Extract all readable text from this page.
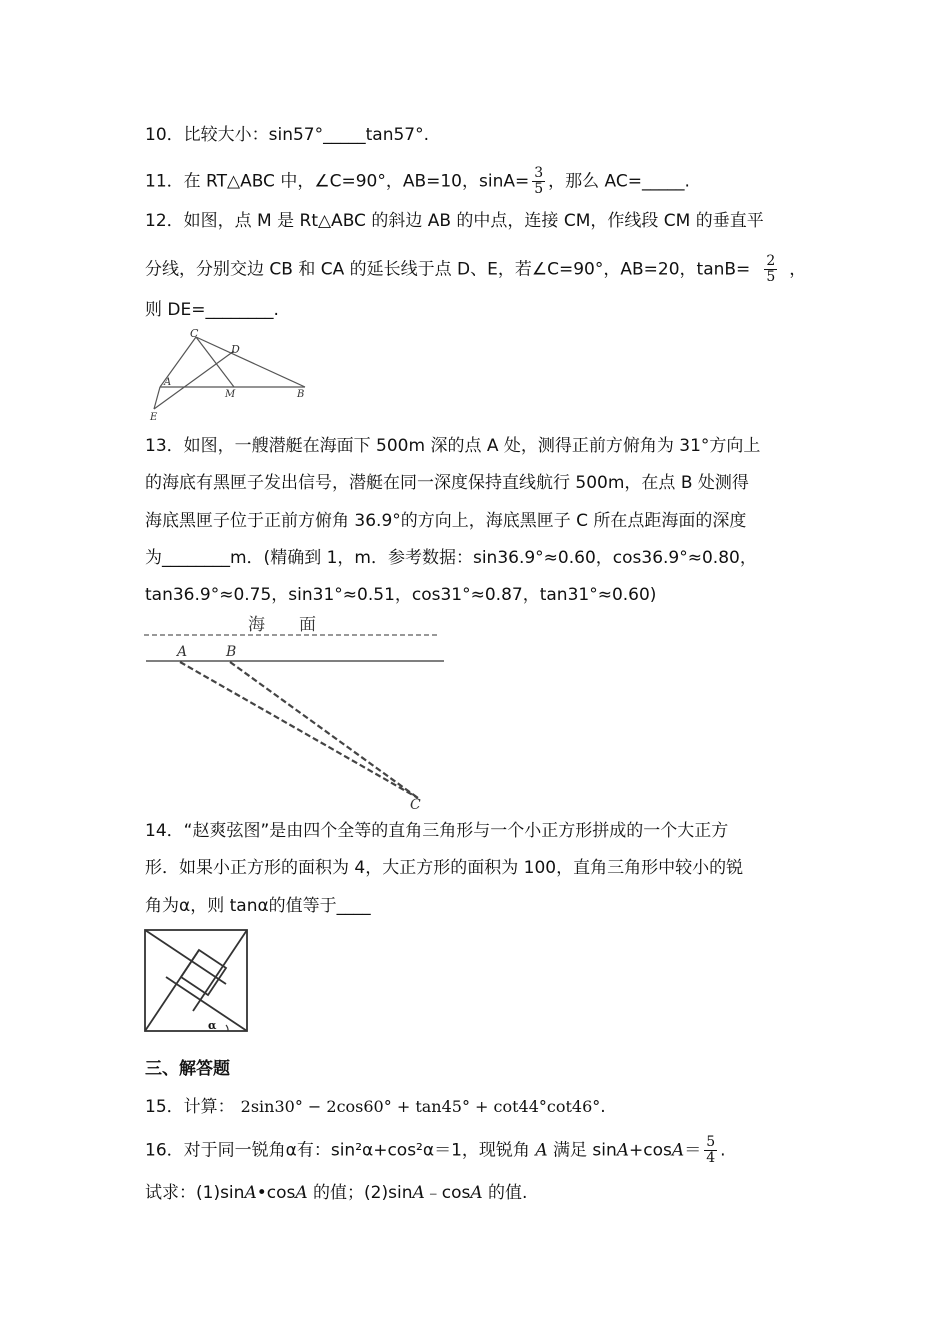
10．比较大小：sin57°_____tan57°.
11．在 RT△ABC 中，∠C=90°，AB=10，$\sin A= \frac{3}{5}$ ，那么 AC=_____.
12．如图，点 M 是 Rt△ABC 的斜边 AB 的中点，连接 CM，作线段 CM 的垂直平
分线，分别交边 CB 和 CA 的延长线于点 D、E，若∠C=90°，AB=20，$\tan B= \frac{2}{5}$ ，
则 DE=________.
C
D
A
M	B
E
13．如图，一艘潜艇在海面下 500m 深的点 A 处，测得正前方俯角为 31°方向上
的海底有黑匣子发出信号，潜艇在同一深度保持直线航行 500m，在点 B 处测得
海底黑匣子位于正前方俯角 36.9°的方向上，海底黑匣子 C 所在点距海面的深度
为________m．(精确到 1，m．参考数据：sin36.9°≈0.60，cos36.9°≈0.80，
tan36.9°≈0.75，sin31°≈0.51，cos31°≈0.87，tan31°≈0.60)
海　　面
A	B
C
14．“赵爽弦图”是由四个全等的直角三角形与一个小正方形拼成的一个大正方
形．如果小正方形的面积为 4，大正方形的面积为 100，直角三角形中较小的锐
角为α，则 tanα的值等于____
α
三、解答题
15．计算： 2sin30° − 2cos60° + tan45° + cot44°cot46°.
16．对于同一锐角α有：sin²α+cos²α＝1，现锐角 A 满足 $\sin A+\cos A= \frac{5}{4}$ .
试求：(1)sinA•cosA 的值；(2)sinA﹣cosA 的值.
